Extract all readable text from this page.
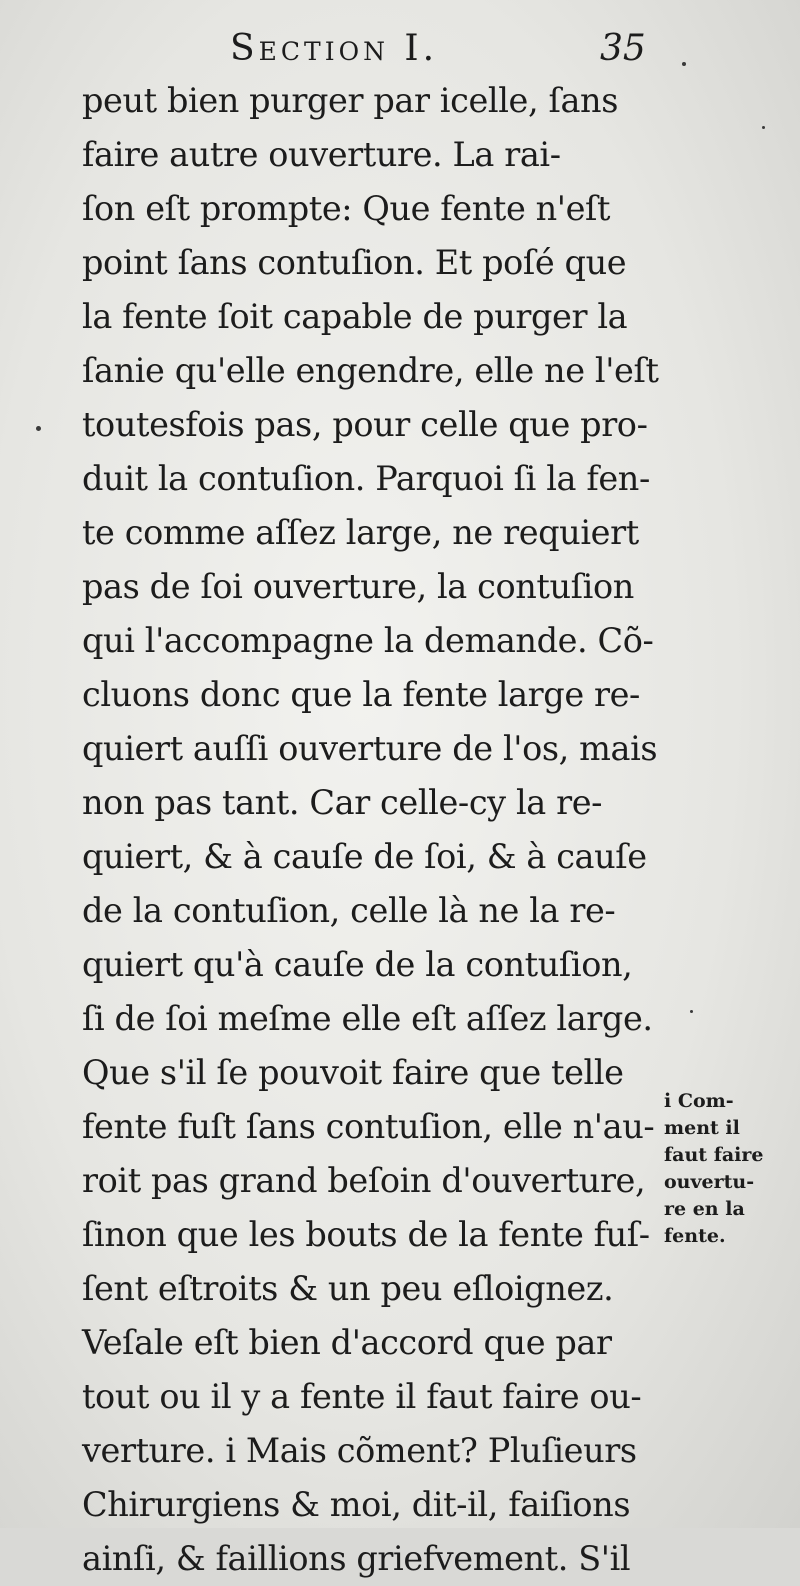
Section I.	35
peut bien purger par icelle, ſans
faire autre ouverture. La rai-
ſon eſt prompte: Que fente n'eſt
point ſans contuſion. Et poſé que
la fente ſoit capable de purger la
ſanie qu'elle engendre, elle ne l'eſt
toutesfois pas, pour celle que pro-
duit la contuſion. Parquoi ſi la fen-
te comme aſſez large, ne requiert
pas de ſoi ouverture, la contuſion
qui l'accompagne la demande. Cõ-
cluons donc que la fente large re-
quiert auſſi ouverture de l'os, mais
non pas tant. Car celle-cy la re-
quiert, & à cauſe de ſoi, & à cauſe
de la contuſion, celle là ne la re-
quiert qu'à cauſe de la contuſion,
ſi de ſoi meſme elle eſt aſſez large.
Que s'il ſe pouvoit faire que telle
fente fuſt ſans contuſion, elle n'au-
roit pas grand beſoin d'ouverture,
ſinon que les bouts de la fente fuſ-
ſent eſtroits & un peu eſloignez.
Veſale eſt bien d'accord que par
tout ou il y a fente il faut faire ou-
verture. i Mais cõment? Pluſieurs
Chirurgiens & moi, dit-il, faiſions
ainſi, & faillions griefvement. S'il
i Com-
ment il
faut faire
ouvertu-
re en la
fente.
